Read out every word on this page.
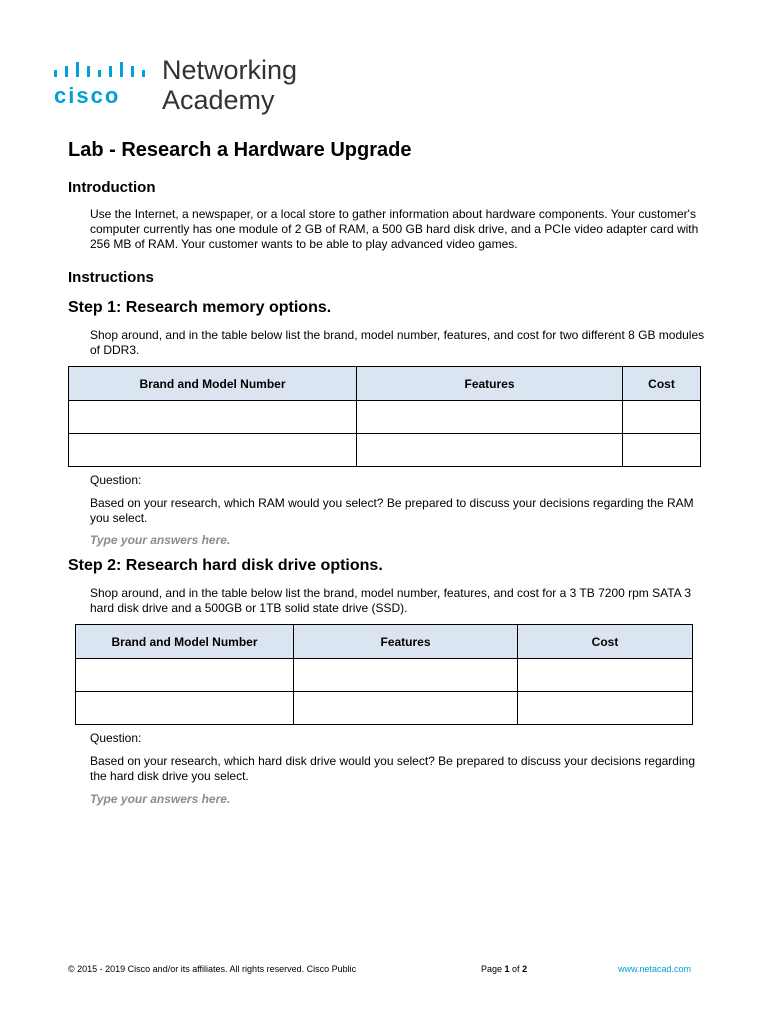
cisco
Networking
Academy
Lab - Research a Hardware Upgrade
Introduction

Use the Internet, a newspaper, or a local store to gather information about hardware components. Your customer's computer currently has one module of 2 GB of RAM, a 500 GB hard disk drive, and a PCIe video adapter card with 256 MB of RAM. Your customer wants to be able to play advanced video games.

Instructions
Step 1: Research memory options.

Shop around, and in the table below list the brand, model number, features, and cost for two different 8 GB modules of DDR3.

Brand and Model Number	Features	Cost

Question:

Based on your research, which RAM would you select? Be prepared to discuss your decisions regarding the RAM you select.

Type your answers here.

Step 2: Research hard disk drive options.

Shop around, and in the table below list the brand, model number, features, and cost for a 3 TB 7200 rpm SATA 3 hard disk drive and a 500GB or 1TB solid state drive (SSD).

Brand and Model Number	Features	Cost

Question:

Based on your research, which hard disk drive would you select? Be prepared to discuss your decisions regarding the hard disk drive you select.

Type your answers here.

© 2015 - 2019 Cisco and/or its affiliates. All rights reserved. Cisco Public	Page 1 of 2	www.netacad.com
